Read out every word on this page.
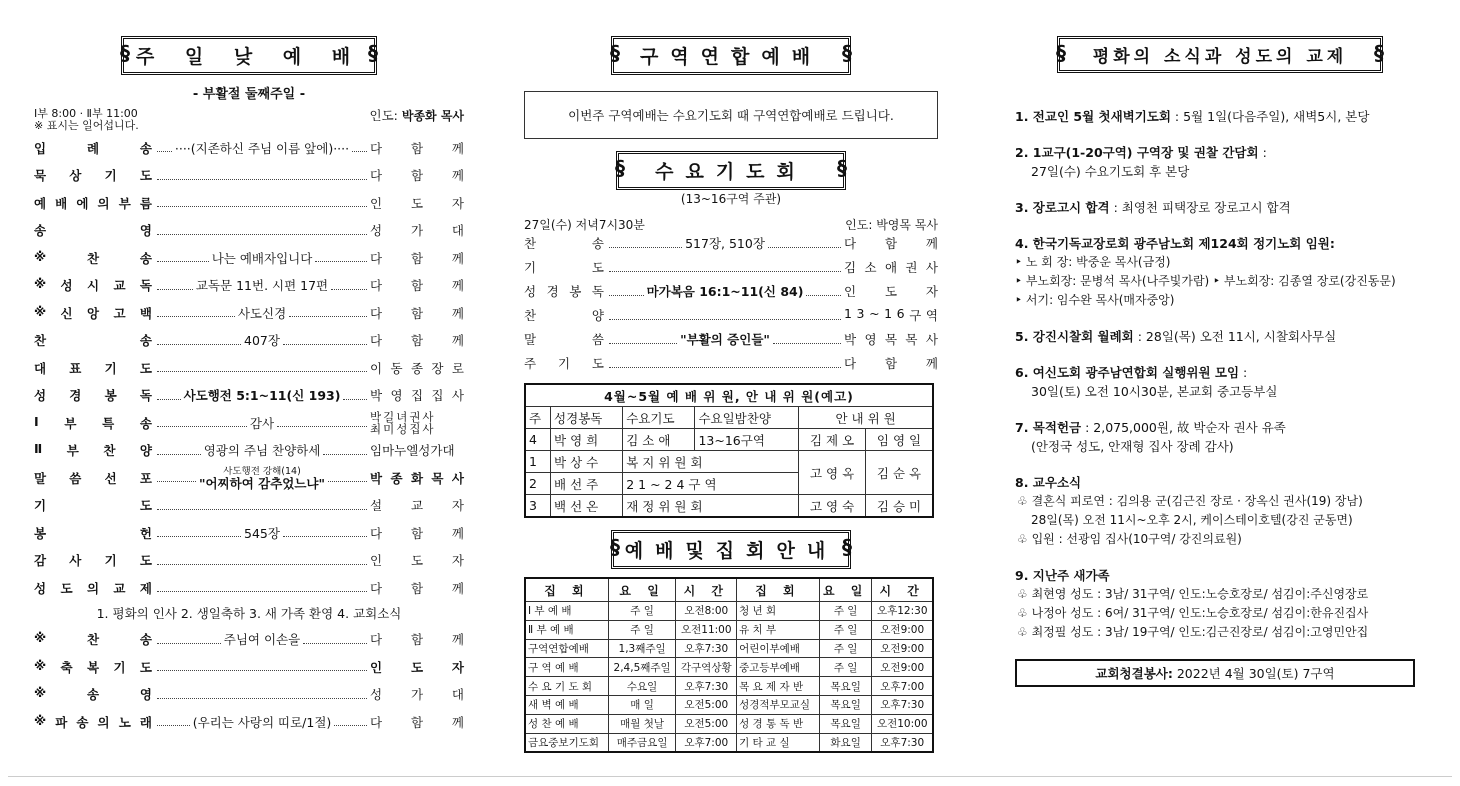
§ 주 일 낮 예 배 §
- 부활절 둘째주일 -
Ⅰ부 8:00 · Ⅱ부 11:00
※ 표시는 일어섭니다.
인도: 박종화 목사
입	례	송 ····(지존하신 주님 이름 앞에)···· 다 함 께
묵 상 기 도	다 함 께
예 배 에 의 부 름	인 도 자
송	영	성 가 대
※	찬	송	나는 예배자입니다	다 함 께
※ 성 시 교 독	교독문 11번. 시편 17편	다 함 께
※ 신 앙 고 백	사도신경	다 함 께
찬	송	407장	다 함 께
대 표 기 도	이 동 종 장 로
성 경 봉 독	사도행전 5:1~11(신 193) 박 영 집 집 사
Ⅰ 부 특 송	감사	박길녀권사
최미성집사
Ⅱ 부 찬 양	영광의 주님 찬양하세	임마누엘성가대
말 씀 선 포	사도행전 강해(14)
"어찌하여 감추었느냐"	박 종 화 목 사
기	도	설 교 자
봉	헌	545장	다 함 께
감 사 기 도	인 도 자
성 도 의 교 제	다 함 께
1. 평화의 인사 2. 생일축하 3. 새 가족 환영 4. 교회소식
※	찬	송	주님여 이손을	다 함 께
※ 축 복 기 도	인 도 자
※	송	영	성 가 대
※ 파 송 의 노 래	(우리는 사랑의 띠로/1절)	다 함 께
§ 구역연합예배 §
이번주 구역예배는 수요기도회 때 구역연합예배로 드립니다.
§ 수요기도회 §
(13~16구역 주관)
27일(수) 저녁7시30분	인도: 박영목 목사
찬	송	517장, 510장	다 함 께
기	도	김 소 애 권 사
성 경 봉 독	마가복음 16:1~11(신 84)	인 도 자
찬	양	1 3 ~ 1 6 구 역
말	씀	"부활의 증인들"	박 영 목 목 사
주 기 도	다 함 께
4월~5월 예 배 위 원, 안 내 위 원(예고)					
주	성경봉독	수요기도	수요일밤찬양	안 내 위 원	
4	박 영 희	김 소 애	13~16구역	김 제 오	임 영 일
1	박 상 수	복 지 위 원 회		고 영 옥	김 순 옥
2	배 선 주	2 1 ~ 2 4 구 역			
3	백 선 온	재 정 위 원 회		고 영 숙	김 승 미
§ 예배및집회안내 §
집 회	요 일	시 간	집 회	요 일	시 간
Ⅰ 부 예 배	주 일	오전8:00	청 년 회	주 일	오후12:30
Ⅱ 부 예 배	주 일	오전11:00	유 치 부	주 일	오전9:00
구역연합예배	1,3째주일	오후7:30	어린이부예배	주 일	오전9:00
구 역 예 배	2,4,5째주일	각구역상황	중고등부예배	주 일	오전9:00
수 요 기 도 회	수요일	오후7:30	목 요 제 자 반	목요일	오후7:00
새 벽 예 배	매 일	오전5:00	성경적부모교실	목요일	오후7:30
성 찬 예 배	매월 첫날	오전5:00	성 경 통 독 반	목요일	오전10:00
금요중보기도회	매주금요일	오후7:00	기 타 교 실	화요일	오후7:30
§ 평화의 소식과 성도의 교제 §
1. 전교인 5월 첫새벽기도회 : 5월 1일(다음주일), 새벽5시, 본당
2. 1교구(1-20구역) 구역장 및 권찰 간담회 :
27일(수) 수요기도회 후 본당
3. 장로고시 합격 : 최영천 피택장로 장로고시 합격
4. 한국기독교장로회 광주남노회 제124회 정기노회 임원:
‣ 노 회 장: 박중운 목사(금정)
‣ 부노회장: 문병석 목사(나주빛가람) ‣ 부노회장: 김종열 장로(강진동문)
‣ 서기: 임수완 목사(매자중앙)
5. 강진시찰회 월례회 : 28일(목) 오전 11시, 시찰회사무실
6. 여신도회 광주남연합회 실행위원 모임 :
30일(토) 오전 10시30분, 본교회 중고등부실
7. 목적헌금 : 2,075,000원, 故 박순자 권사 유족
(안정국 성도, 안재형 집사 장례 감사)
8. 교우소식
♧ 결혼식 피로연 : 김의용 군(김근진 장로 · 장옥신 권사(19) 장남)
28일(목) 오전 11시~오후 2시, 케이스테이호텔(강진 군동면)
♧ 입원 : 선광임 집사(10구역/ 강진의료원)
9. 지난주 새가족
♧ 최현영 성도 : 3남/ 31구역/ 인도:노승호장로/ 섬김이:주신영장로
♧ 나정아 성도 : 6여/ 31구역/ 인도:노승호장로/ 섬김이:한유진집사
♧ 최정필 성도 : 3남/ 19구역/ 인도:김근진장로/ 섬김이:고영민안집
교회청결봉사: 2022년 4월 30일(토) 7구역
